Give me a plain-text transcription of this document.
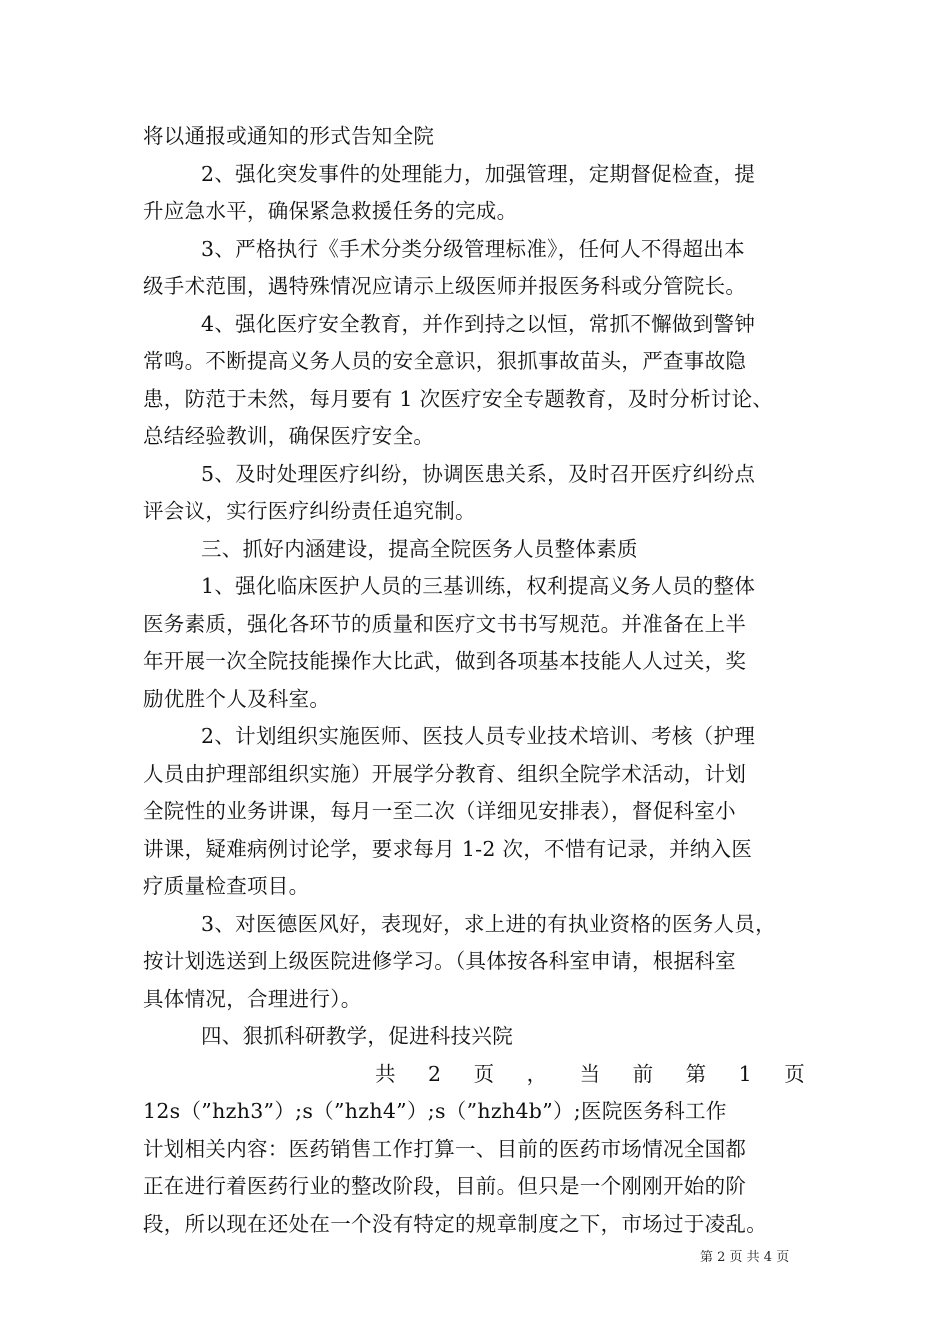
将以通报或通知的形式告知全院
2、强化突发事件的处理能力，加强管理，定期督促检查，提
升应急水平，确保紧急救援任务的完成。
3、严格执行《手术分类分级管理标准》，任何人不得超出本
级手术范围，遇特殊情况应请示上级医师并报医务科或分管院长。
4、强化医疗安全教育，并作到持之以恒，常抓不懈做到警钟
常鸣。不断提高义务人员的安全意识，狠抓事故苗头，严查事故隐
患，防范于未然，每月要有 1 次医疗安全专题教育，及时分析讨论、
总结经验教训，确保医疗安全。
5、及时处理医疗纠纷，协调医患关系，及时召开医疗纠纷点
评会议，实行医疗纠纷责任追究制。
三、抓好内涵建设，提高全院医务人员整体素质
1、强化临床医护人员的三基训练，权利提高义务人员的整体
医务素质，强化各环节的质量和医疗文书书写规范。并准备在上半
年开展一次全院技能操作大比武，做到各项基本技能人人过关，奖
励优胜个人及科室。
2、计划组织实施医师、医技人员专业技术培训、考核（护理
人员由护理部组织实施）开展学分教育、组织全院学术活动，计划
全院性的业务讲课，每月一至二次（详细见安排表），督促科室小
讲课，疑难病例讨论学，要求每月 1-2 次，不惜有记录，并纳入医
疗质量检查项目。
3、对医德医风好，表现好，求上进的有执业资格的医务人员，
按计划选送到上级医院进修学习。（具体按各科室申请，根据科室
具体情况，合理进行）。
四、狠抓科研教学，促进科技兴院
共 2 页 ， 当 前 第 1 页
12s（”hzh3”）;s（”hzh4”）;s（”hzh4b”）;医院医务科工作
计划相关内容：医药销售工作打算一、目前的医药市场情况全国都
正在进行着医药行业的整改阶段，目前。但只是一个刚刚开始的阶
段，所以现在还处在一个没有特定的规章制度之下，市场过于凌乱。
第 2 页 共 4 页
